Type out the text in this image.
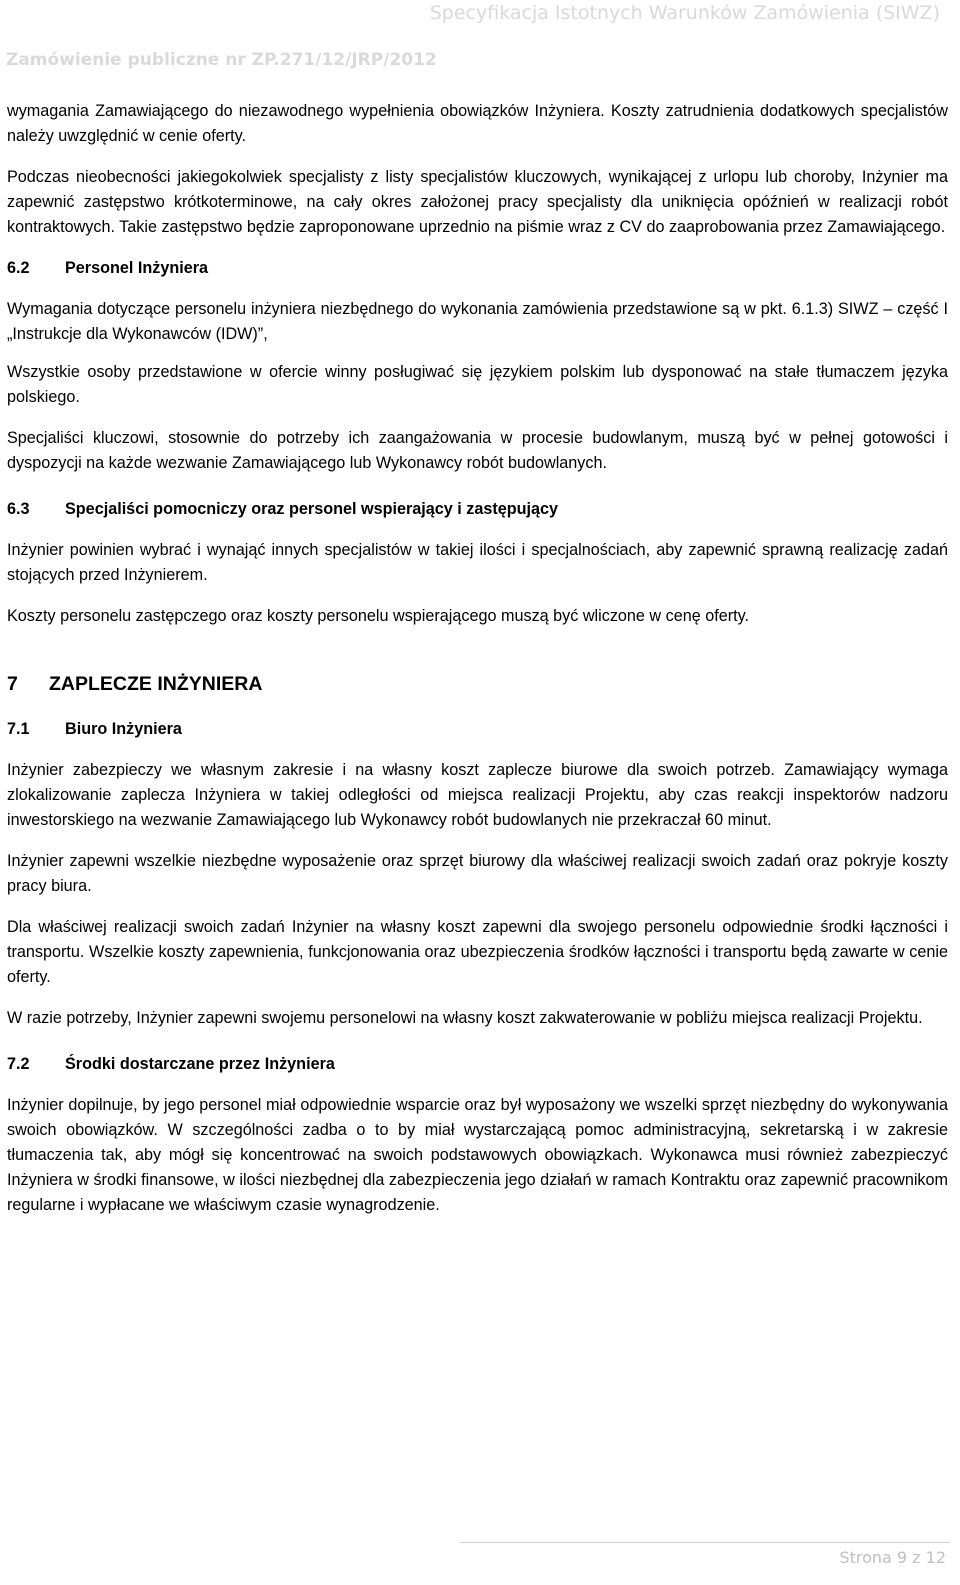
Specyfikacja Istotnych Warunków Zamówienia (SIWZ)
Zamówienie publiczne nr ZP.271/12/JRP/2012

wymagania Zamawiającego do niezawodnego wypełnienia obowiązków Inżyniera. Koszty zatrudnienia dodatkowych specjalistów należy uwzględnić w cenie oferty.

Podczas nieobecności jakiegokolwiek specjalisty z listy specjalistów kluczowych, wynikającej z urlopu lub choroby, Inżynier ma zapewnić zastępstwo krótkoterminowe, na cały okres założonej pracy specjalisty dla uniknięcia opóźnień w realizacji robót kontraktowych. Takie zastępstwo będzie zaproponowane uprzednio na piśmie wraz z CV do zaaprobowania przez Zamawiającego.

6.2 Personel Inżyniera

Wymagania dotyczące personelu inżyniera niezbędnego do wykonania zamówienia przedstawione są w pkt. 6.1.3) SIWZ – część I „Instrukcje dla Wykonawców (IDW)”,

Wszystkie osoby przedstawione w ofercie winny posługiwać się językiem polskim lub dysponować na stałe tłumaczem języka polskiego.

Specjaliści kluczowi, stosownie do potrzeby ich zaangażowania w procesie budowlanym, muszą być w pełnej gotowości i dyspozycji na każde wezwanie Zamawiającego lub Wykonawcy robót budowlanych.

6.3 Specjaliści pomocniczy oraz personel wspierający i zastępujący

Inżynier powinien wybrać i wynająć innych specjalistów w takiej ilości i specjalnościach, aby zapewnić sprawną realizację zadań stojących przed Inżynierem.

Koszty personelu zastępczego oraz koszty personelu wspierającego muszą być wliczone w cenę oferty.

7 ZAPLECZE INŻYNIERA
7.1 Biuro Inżyniera

Inżynier zabezpieczy we własnym zakresie i na własny koszt zaplecze biurowe dla swoich potrzeb. Zamawiający wymaga zlokalizowanie zaplecza Inżyniera w takiej odległości od miejsca realizacji Projektu, aby czas reakcji inspektorów nadzoru inwestorskiego na wezwanie Zamawiającego lub Wykonawcy robót budowlanych nie przekraczał 60 minut.

Inżynier zapewni wszelkie niezbędne wyposażenie oraz sprzęt biurowy dla właściwej realizacji swoich zadań oraz pokryje koszty pracy biura.

Dla właściwej realizacji swoich zadań Inżynier na własny koszt zapewni dla swojego personelu odpowiednie środki łączności i transportu. Wszelkie koszty zapewnienia, funkcjonowania oraz ubezpieczenia środków łączności i transportu będą zawarte w cenie oferty.

W razie potrzeby, Inżynier zapewni swojemu personelowi na własny koszt zakwaterowanie w pobliżu miejsca realizacji Projektu.

7.2 Środki dostarczane przez Inżyniera

Inżynier dopilnuje, by jego personel miał odpowiednie wsparcie oraz był wyposażony we wszelki sprzęt niezbędny do wykonywania swoich obowiązków. W szczególności zadba o to by miał wystarczającą pomoc administracyjną, sekretarską i w zakresie tłumaczenia tak, aby mógł się koncentrować na swoich podstawowych obowiązkach. Wykonawca musi również zabezpieczyć Inżyniera w środki finansowe, w ilości niezbędnej dla zabezpieczenia jego działań w ramach Kontraktu oraz zapewnić pracownikom regularne i wypłacane we właściwym czasie wynagrodzenie.

Strona 9 z 12
